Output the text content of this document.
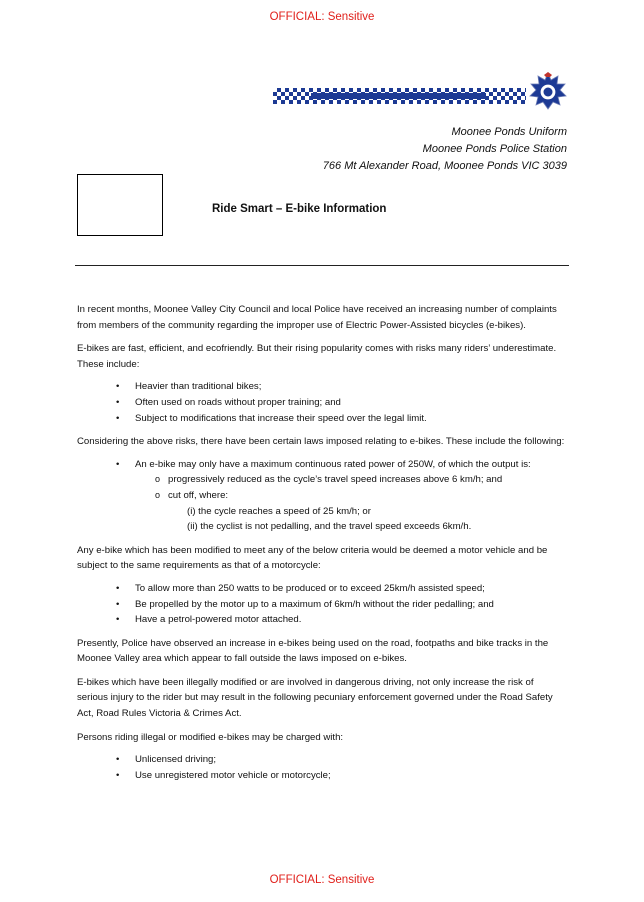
OFFICIAL: Sensitive
Moonee Ponds Uniform
Moonee Ponds Police Station
766 Mt Alexander Road, Moonee Ponds VIC 3039
Ride Smart – E-bike Information

In recent months, Moonee Valley City Council and local Police have received an increasing number of complaints from members of the community regarding the improper use of Electric Power-Assisted bicycles (e-bikes).

E-bikes are fast, efficient, and ecofriendly. But their rising popularity comes with risks many riders’ underestimate. These include:

• Heavier than traditional bikes;
• Often used on roads without proper training; and
• Subject to modifications that increase their speed over the legal limit.

Considering the above risks, there have been certain laws imposed relating to e-bikes. These include the following:

• An e-bike may only have a maximum continuous rated power of 250W, of which the output is:
o progressively reduced as the cycle’s travel speed increases above 6 km/h; and
o cut off, where:
(i) the cycle reaches a speed of 25 km/h; or
(ii) the cyclist is not pedalling, and the travel speed exceeds 6km/h.

Any e-bike which has been modified to meet any of the below criteria would be deemed a motor vehicle and be subject to the same requirements as that of a motorcycle:

• To allow more than 250 watts to be produced or to exceed 25km/h assisted speed;
• Be propelled by the motor up to a maximum of 6km/h without the rider pedalling; and
• Have a petrol-powered motor attached.

Presently, Police have observed an increase in e-bikes being used on the road, footpaths and bike tracks in the Moonee Valley area which appear to fall outside the laws imposed on e-bikes.

E-bikes which have been illegally modified or are involved in dangerous driving, not only increase the risk of serious injury to the rider but may result in the following pecuniary enforcement governed under the Road Safety Act, Road Rules Victoria & Crimes Act.

Persons riding illegal or modified e-bikes may be charged with:

• Unlicensed driving;
• Use unregistered motor vehicle or motorcycle;
OFFICIAL: Sensitive
